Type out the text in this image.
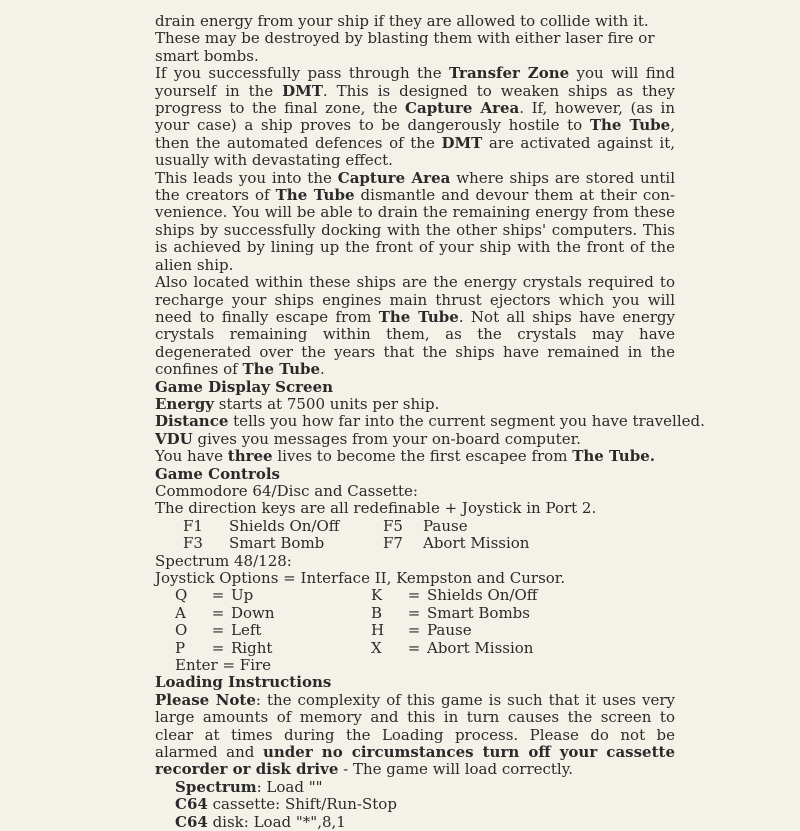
drain energy from your ship if they are allowed to collide with it.
These may be destroyed by blasting them with either laser fire or
smart bombs.

If you successfully pass through the Transfer Zone you will find yourself in the DMT. This is designed to weaken ships as they progress to the final zone, the Capture Area. If, however, (as in your case) a ship proves to be dangerously hostile to The Tube, then the automated defences of the DMT are activated against it, usually with devastating effect.

This leads you into the Capture Area where ships are stored until the creators of The Tube dismantle and devour them at their con-venience. You will be able to drain the remaining energy from these ships by successfully docking with the other ships' computers. This is achieved by lining up the front of your ship with the front of the alien ship.

Also located within these ships are the energy crystals required to recharge your ships engines main thrust ejectors which you will need to finally escape from The Tube. Not all ships have energy crystals remaining within them, as the crystals may have degenerated over the years that the ships have remained in the confines of The Tube.

Game Display Screen
Energy starts at 7500 units per ship.
Distance tells you how far into the current segment you have travelled.
VDU gives you messages from your on-board computer.
You have three lives to become the first escapee from The Tube.
Game Controls
Commodore 64/Disc and Cassette:
The direction keys are all redefinable + Joystick in Port 2.
F1	Shields On/Off	F5	Pause
F3	Smart Bomb	F7	Abort Mission
Spectrum 48/128:
Joystick Options = Interface II, Kempston and Cursor.
Q	= Up	K	= Shields On/Off
A	= Down	B	= Smart Bombs
O	= Left	H	= Pause
P	= Right	X	= Abort Mission
Enter = Fire
Loading Instructions

Please Note: the complexity of this game is such that it uses very large amounts of memory and this in turn causes the screen to clear at times during the Loading process. Please do not be alarmed and under no circumstances turn off your cassette recorder or disk drive - The game will load correctly.

Spectrum: Load ""
C64 cassette: Shift/Run-Stop
C64 disk: Load "*",8,1
